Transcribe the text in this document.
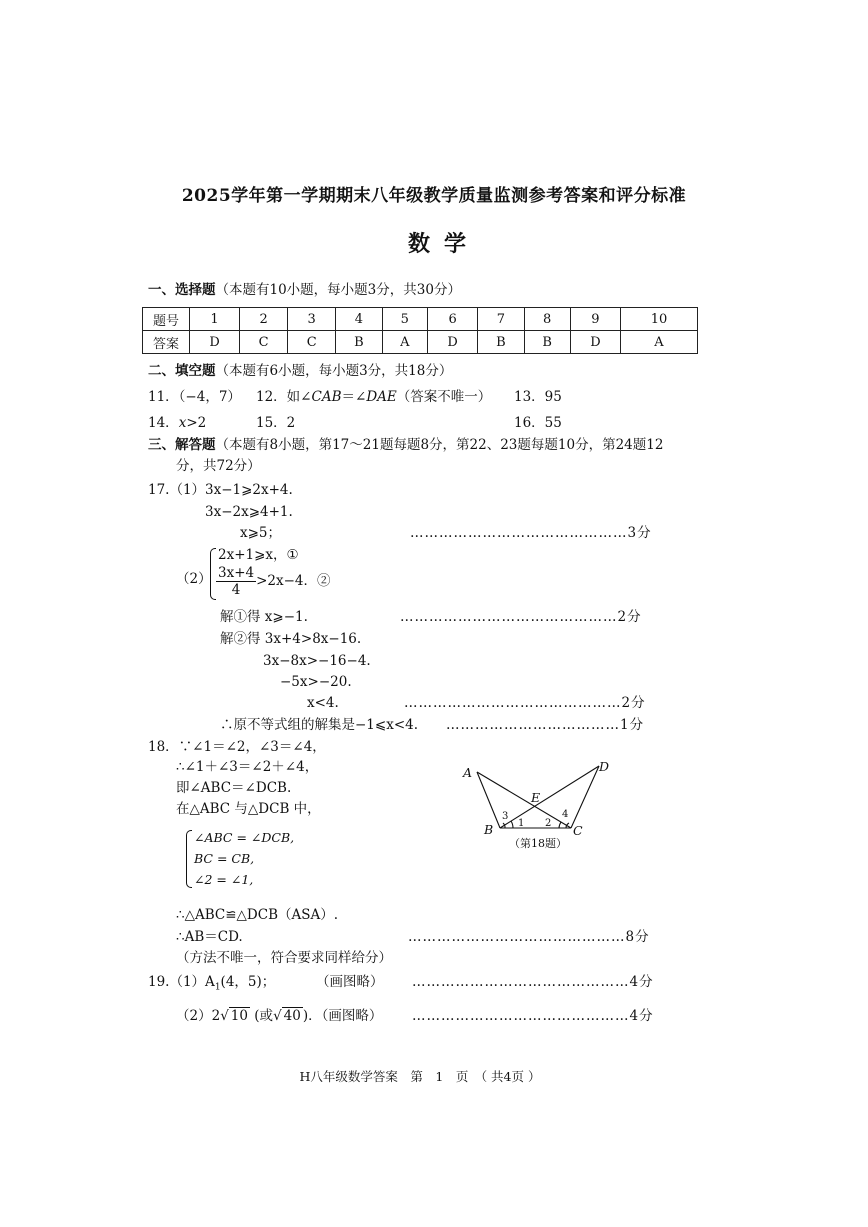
2025学年第一学期期末八年级教学质量监测参考答案和评分标准
数学
一、选择题（本题有10小题，每小题3分，共30分）
题号	1	2	3	4	5	6	7	8	9	10
答案	D	C	C	B	A	D	B	B	D	A
二、填空题（本题有6小题，每小题3分，共18分）
11．（−4，7） 12．如∠CAB＝∠DAE（答案不唯一） 13．95
14．x>2	15．2	16．55
三、解答题（本题有8小题，第17～21题每题8分，第22、23题每题10分，第24题12
分，共72分）
17.（1） 3x−1⩾2x+4.
3x−2x⩾4+1.
x⩾5；	………………………………………3分
（2）
2x+1⩾x，①
$\frac{3x+4}{4} >2x-4$．②
解①得 x⩾−1.	………………………………………2分
解②得 3x+4>8x−16.
3x−8x>−16−4.
−5x>−20.
x<4.	………………………………………2分
∴原不等式组的解集是−1⩽x<4. ………………………………1分
18．∵∠1＝∠2，∠3＝∠4，
∴∠1＋∠3＝∠2＋∠4，
即∠ABC＝∠DCB.
在△ABC 与△DCB 中，
∠ABC = ∠DCB,
BC = CB,
∠2 = ∠1,
∴△ABC≌△DCB（ASA）.
∴AB＝CD.	………………………………………8分
（方法不唯一，符合要求同样给分）
A	D
E
B	C
3
1 2
4
（第18题）
$19.(1)A_1(4$，5)；	（画图略） ………………………………………4分
（2）2√ 10 (或√ 40 )．（画图略） ………………………………………4分
H八年级数学答案　第　1　页　（ 共4页 ）
